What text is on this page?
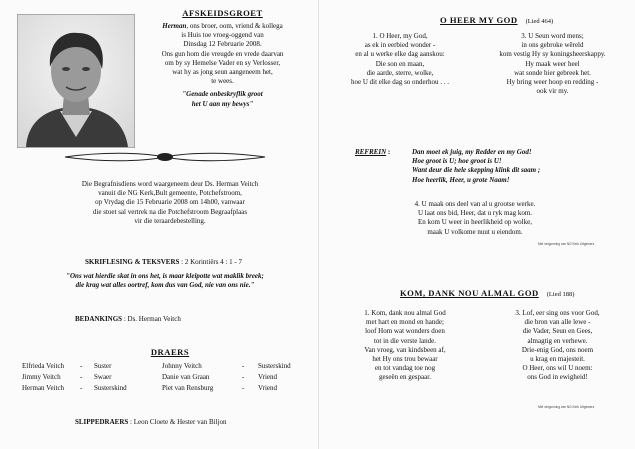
AFSKEIDSGROET
Herman, ons broer, oom, vriend & kollega
is Huis toe vroeg-oggend van
Dinsdag 12 Februarie 2008.
Ons gun hom die vreugde en vrede daarvan
om by sy Hemelse Vader en sy Verlosser,
wat hy as jong seun aangeneem het,
te wees.
"Genade onbeskryflik groot
het U aan my bewys"
Die Begrafnisdiens word waargeneem deur Ds. Herman Veitch
vanuit die NG Kerk,Bult gemeente, Potchefstroom,
op Vrydag die 15 Februarie 2008 om 14h00, vanwaar
die stoet sal vertrek na die Potchefstroom Begraafplaas
vir die teraardebestelling.
SKRIFLESING & TEKSVERS : 2 Korintiërs 4 : 1 - 7
"Ons wat hierdie skat in ons het, is maar kleipotte wat maklik breek;
die krag wat alles oortref, kom dus van God, nie van ons nie."
BEDANKINGS : Ds. Herman Veitch
DRAERS
Elfrieda Veitch - Suster	Johnny Veitch	- Susterskind
Jimmy Veitch	- Swaer	Danie van Graan	- Vriend
Herman Veitch - Susterskind	Piet van Rensburg	- Vriend
SLIPPEDRAERS : Leon Cloete & Hester van Biljon
O HEER MY GOD (Lied 464)
1. O Heer, my God,
as ek in eerbied wonder -
en al u werke elke dag aanskou:
Die son en maan,
die aarde, sterre, wolke,
hoe U dit elke dag so onderhou . . .
3. U Seun word mens;
in ons gebroke wêreld
kom vestig Hy sy koningsheerskappy.
Hy maak weer heel
wat sonde hier gebreek het.
Hy bring weer hoop en redding -
ook vir my.
REFREIN :	Dan moet ek juig, my Redder en my God!
Hoe groot is U; hoe groot is U!
Want deur die hele skepping klink dit saam ;
Hoe heerlik, Heer, u grote Naam!
4. U maak ons deel van al u grootse werke.
U laat ons bid, Heer, dat u ryk mag kom.
En kom U weer in heerlikheid op wolke,
maak U volkome nuut u eiendom.
Met vergunning van NG Kerk Uitgewers
KOM, DANK NOU ALMAL GOD (Lied 188)
1. Kom, dank nou almal God
met hart en mond en hande;
loof Hom wat wonders doen
tot in die verste lande.
Van vroeg, van kindsbeen af,
het Hy ons trou bewaar
en tot vandag toe nog
geseën en gespaar.
3. Lof, eer sing ons voor God,
die bron van alle lewe -
die Vader, Seun en Gees,
almagtig en verhewe.
Drie-enig God, ons noem
u krag en majesteit.
O Heer, ons wil U noem:
ons God in ewigheid!
Met vergunning van NG Kerk Uitgewers
